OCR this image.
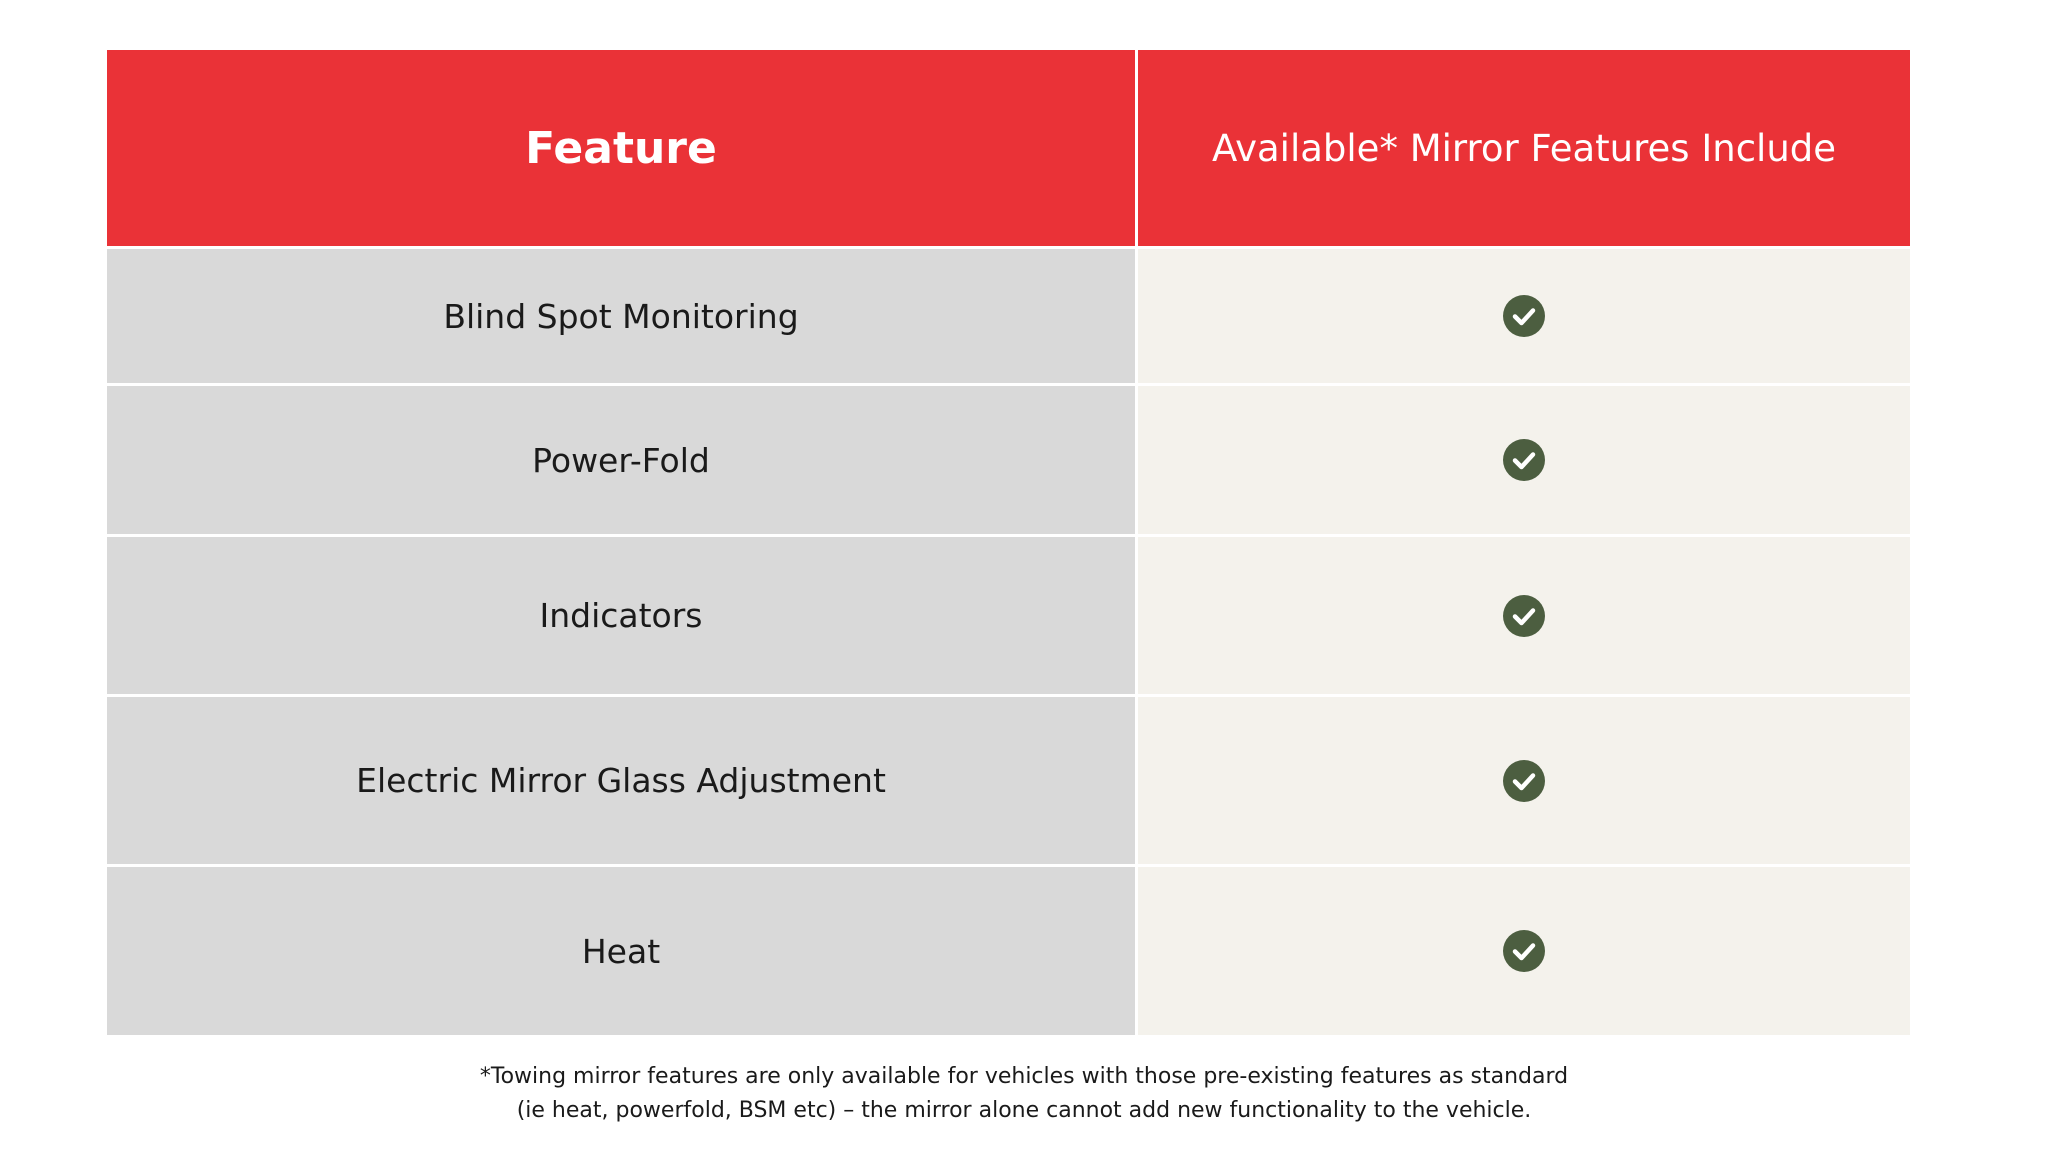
Feature	Available* Mirror Features Include
Blind Spot Monitoring
Power-Fold
Indicators
Electric Mirror Glass Adjustment
Heat
*Towing mirror features are only available for vehicles with those pre-existing features as standard
(ie heat, powerfold, BSM etc) – the mirror alone cannot add new functionality to the vehicle.
